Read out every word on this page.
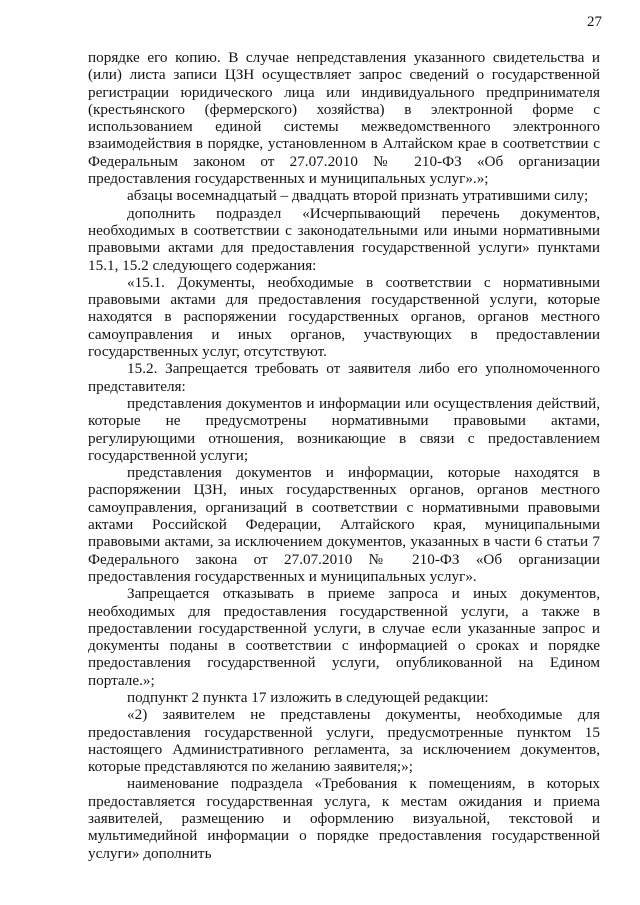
27

порядке его копию. В случае непредставления указанного свидетельства и (или) листа записи ЦЗН осуществляет запрос сведений о государственной регистрации юридического лица или индивидуального предпринимателя (крестьянского (фермерского) хозяйства) в электронной форме с использованием единой системы межведомственного электронного взаимодействия в порядке, установленном в Алтайском крае в соответствии с Федеральным законом от 27.07.2010 № 210-ФЗ «Об организации предоставления государственных и муниципальных услуг».»;

абзацы восемнадцатый – двадцать второй признать утратившими силу;

дополнить подраздел «Исчерпывающий перечень документов, необходимых в соответствии с законодательными или иными нормативными правовыми актами для предоставления государственной услуги» пунктами 15.1, 15.2 следующего содержания:

«15.1. Документы, необходимые в соответствии с нормативными правовыми актами для предоставления государственной услуги, которые находятся в распоряжении государственных органов, органов местного самоуправления и иных органов, участвующих в предоставлении государственных услуг, отсутствуют.

15.2. Запрещается требовать от заявителя либо его уполномоченного представителя:

представления документов и информации или осуществления действий, которые не предусмотрены нормативными правовыми актами, регулирующими отношения, возникающие в связи с предоставлением государственной услуги;

представления документов и информации, которые находятся в распоряжении ЦЗН, иных государственных органов, органов местного самоуправления, организаций в соответствии с нормативными правовыми актами Российской Федерации, Алтайского края, муниципальными правовыми актами, за исключением документов, указанных в части 6 статьи 7 Федерального закона от 27.07.2010 № 210-ФЗ «Об организации предоставления государственных и муниципальных услуг».

Запрещается отказывать в приеме запроса и иных документов, необходимых для предоставления государственной услуги, а также в предоставлении государственной услуги, в случае если указанные запрос и документы поданы в соответствии с информацией о сроках и порядке предоставления государственной услуги, опубликованной на Едином портале.»;

подпункт 2 пункта 17 изложить в следующей редакции:

«2) заявителем не представлены документы, необходимые для предоставления государственной услуги, предусмотренные пунктом 15 настоящего Административного регламента, за исключением документов, которые представляются по желанию заявителя;»;

наименование подраздела «Требования к помещениям, в которых предоставляется государственная услуга, к местам ожидания и приема заявителей, размещению и оформлению визуальной, текстовой и мультимедийной информации о порядке предоставления государственной услуги» дополнить
